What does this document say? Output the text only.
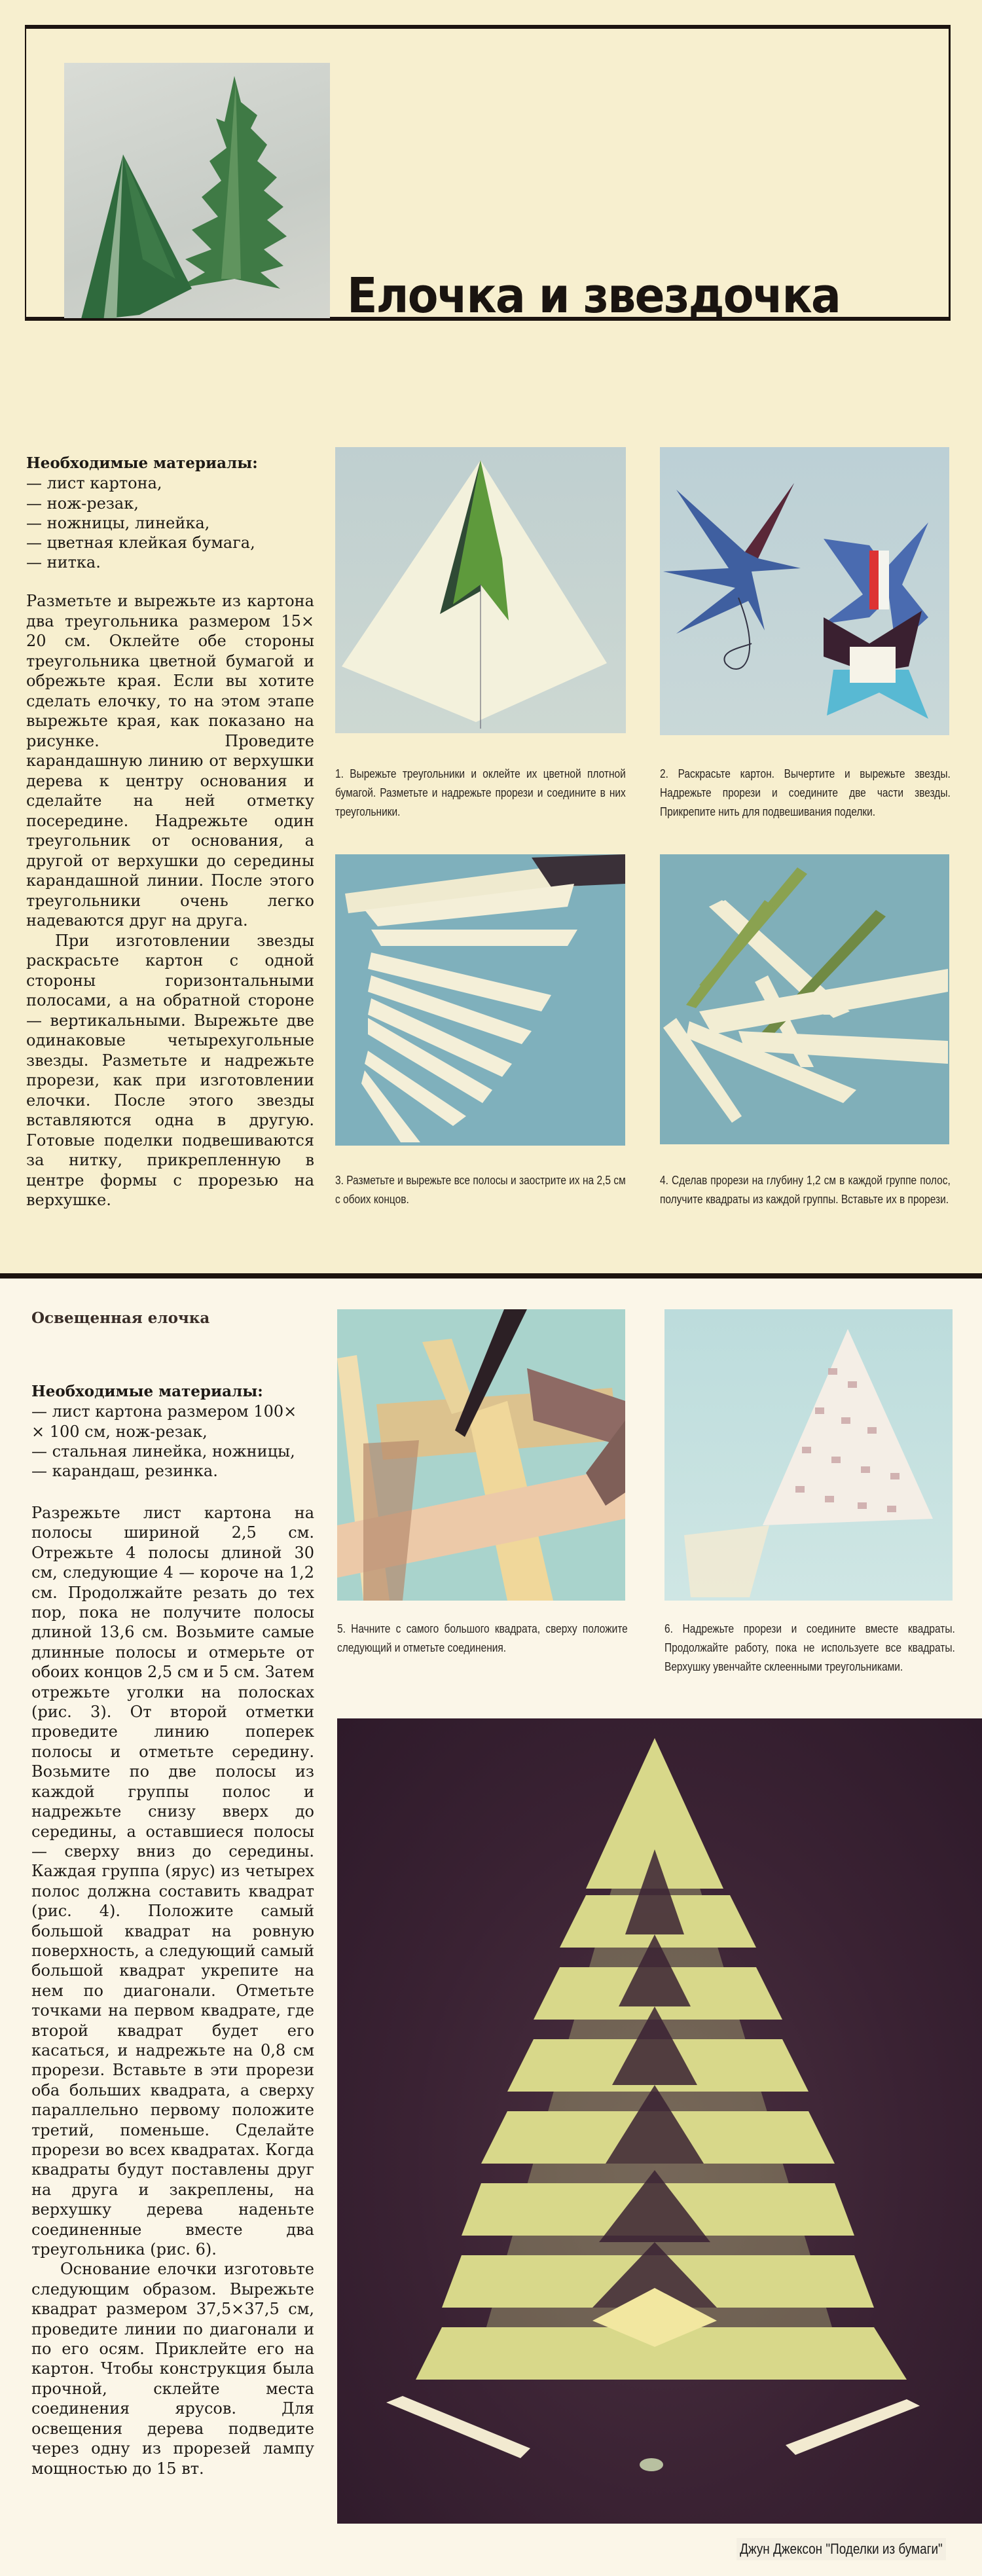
Елочка и звездочка
Необходимые материалы:
— лист картона,
— нож-резак,
— ножницы, линейка,
— цветная клейкая бумага,
— нитка.

Разметьте и вырежьте из картона два треугольника размером 15× 20 см. Оклейте обе стороны треугольника цветной бумагой и обрежьте края. Если вы хотите сделать елочку, то на этом этапе вырежьте края, как показано на рисунке. Проведите карандашную линию от верхушки дерева к центру основания и сделайте на ней отметку посередине. Надрежьте один треугольник от основания, а другой от верхушки до середины карандашной линии. После этого треугольники очень легко надеваются друг на друга.

При изготовлении звезды раскрасьте картон с одной стороны горизонтальными полосами, а на обратной стороне — вертикальными. Вырежьте две одинаковые четырехугольные звезды. Разметьте и надрежьте прорези, как при изготовлении елочки. После этого звезды вставляются одна в другую. Готовые поделки подвешиваются за нитку, прикрепленную в центре формы с прорезью на верхушке.

1. Вырежьте треугольники и оклейте их цветной плотной бумагой. Разметьте и надрежьте прорези и соедините в них треугольники.
2. Раскрасьте картон. Вычертите и вырежьте звезды. Надрежьте прорези и соедините две части звезды. Прикрепите нить для подвешивания поделки.
3. Разметьте и вырежьте все полосы и заострите их на 2,5 см с обоих концов.
4. Сделав прорези на глубину 1,2 см в каждой группе полос, получите квадраты из каждой группы. Вставьте их в прорези.
Освещенная елочка
Необходимые материалы:
— лист картона размером 100×
× 100 см, нож-резак,
— стальная линейка, ножницы,
— карандаш, резинка.

Разрежьте лист картона на полосы шириной 2,5 см. Отрежьте 4 полосы длиной 30 см, следующие 4 — короче на 1,2 см. Продолжайте резать до тех пор, пока не получите полосы длиной 13,6 см. Возьмите самые длинные полосы и отмерьте от обоих концов 2,5 см и 5 см. Затем отрежьте уголки на полосках (рис. 3). От второй отметки проведите линию поперек полосы и отметьте середину. Возьмите по две полосы из каждой группы полос и надрежьте снизу вверх до середины, а оставшиеся полосы — сверху вниз до середины. Каждая группа (ярус) из четырех полос должна составить квадрат (рис. 4). Положите самый большой квадрат на ровную поверхность, а следующий самый большой квадрат укрепите на нем по диагонали. Отметьте точками на первом квадрате, где второй квадрат будет его касаться, и надрежьте на 0,8 см прорези. Вставьте в эти прорези оба больших квадрата, а сверху параллельно первому положите третий, поменьше. Сделайте прорези во всех квадратах. Когда квадраты будут поставлены друг на друга и закреплены, на верхушку дерева наденьте соединенные вместе два треугольника (рис. 6).

Основание елочки изготовьте следующим образом. Вырежьте квадрат размером 37,5×37,5 см, проведите линии по диагонали и по его осям. Приклейте его на картон. Чтобы конструкция была прочной, склейте места соединения ярусов. Для освещения дерева подведите через одну из прорезей лампу мощностью до 15 вт.

5. Начните с самого большого квадрата, сверху положите следующий и отметьте соединения.
6. Надрежьте прорези и соедините вместе квадраты. Продолжайте работу, пока не используете все квадраты. Верхушку увенчайте склеенными треугольниками.
Джун Джексон "Поделки из бумаги"
